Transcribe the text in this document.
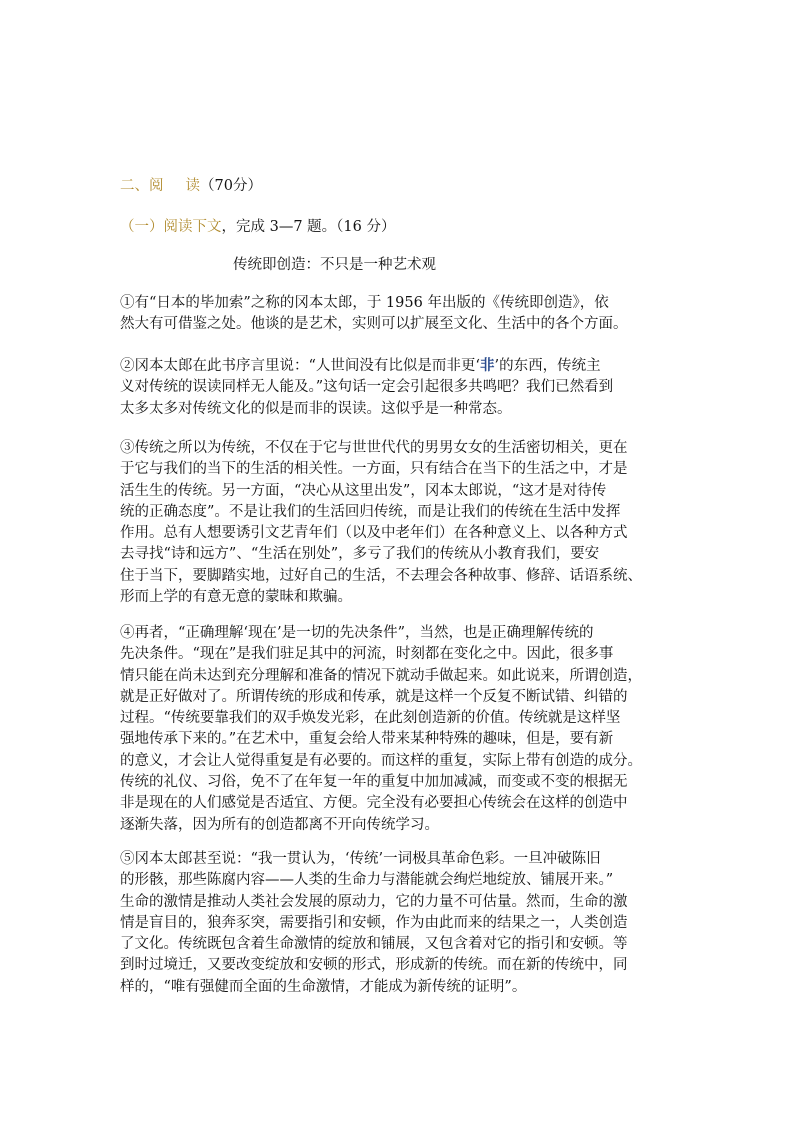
二、阅 读（70分）
（一）阅读下文，完成 3—7 题。（16 分）
传统即创造：不只是一种艺术观
①有“日本的毕加索”之称的冈本太郎，于 1956 年出版的《传统即创造》，依
然大有可借鉴之处。他谈的是艺术，实则可以扩展至文化、生活中的各个方面。
②冈本太郎在此书序言里说：“人世间没有比似是而非更‘非’的东西，传统主
义对传统的误读同样无人能及。”这句话一定会引起很多共鸣吧？我们已然看到
太多太多对传统文化的似是而非的误读。这似乎是一种常态。
③传统之所以为传统，不仅在于它与世世代代的男男女女的生活密切相关，更在
于它与我们的当下的生活的相关性。一方面，只有结合在当下的生活之中，才是
活生生的传统。另一方面，“决心从这里出发”，冈本太郎说，“这才是对待传
统的正确态度”。不是让我们的生活回归传统，而是让我们的传统在生活中发挥
作用。总有人想要诱引文艺青年们（以及中老年们）在各种意义上、以各种方式
去寻找“诗和远方”、“生活在别处”，多亏了我们的传统从小教育我们，要安
住于当下，要脚踏实地，过好自己的生活，不去理会各种故事、修辞、话语系统、
形而上学的有意无意的蒙昧和欺骗。
④再者，“正确理解‘现在’是一切的先决条件”，当然，也是正确理解传统的
先决条件。“现在”是我们驻足其中的河流，时刻都在变化之中。因此，很多事
情只能在尚未达到充分理解和准备的情况下就动手做起来。如此说来，所谓创造，
就是正好做对了。所谓传统的形成和传承，就是这样一个反复不断试错、纠错的
过程。“传统要靠我们的双手焕发光彩，在此刻创造新的价值。传统就是这样坚
强地传承下来的。”在艺术中，重复会给人带来某种特殊的趣味，但是，要有新
的意义，才会让人觉得重复是有必要的。而这样的重复，实际上带有创造的成分。
传统的礼仪、习俗，免不了在年复一年的重复中加加减减，而变或不变的根据无
非是现在的人们感觉是否适宜、方便。完全没有必要担心传统会在这样的创造中
逐渐失落，因为所有的创造都离不开向传统学习。
⑤冈本太郎甚至说：“我一贯认为，‘传统’一词极具革命色彩。一旦冲破陈旧
的形骸，那些陈腐内容——人类的生命力与潜能就会绚烂地绽放、铺展开来。”
生命的激情是推动人类社会发展的原动力，它的力量不可估量。然而，生命的激
情是盲目的，狼奔豕突，需要指引和安顿，作为由此而来的结果之一，人类创造
了文化。传统既包含着生命激情的绽放和铺展，又包含着对它的指引和安顿。等
到时过境迁，又要改变绽放和安顿的形式，形成新的传统。而在新的传统中，同
样的，“唯有强健而全面的生命激情，才能成为新传统的证明”。
